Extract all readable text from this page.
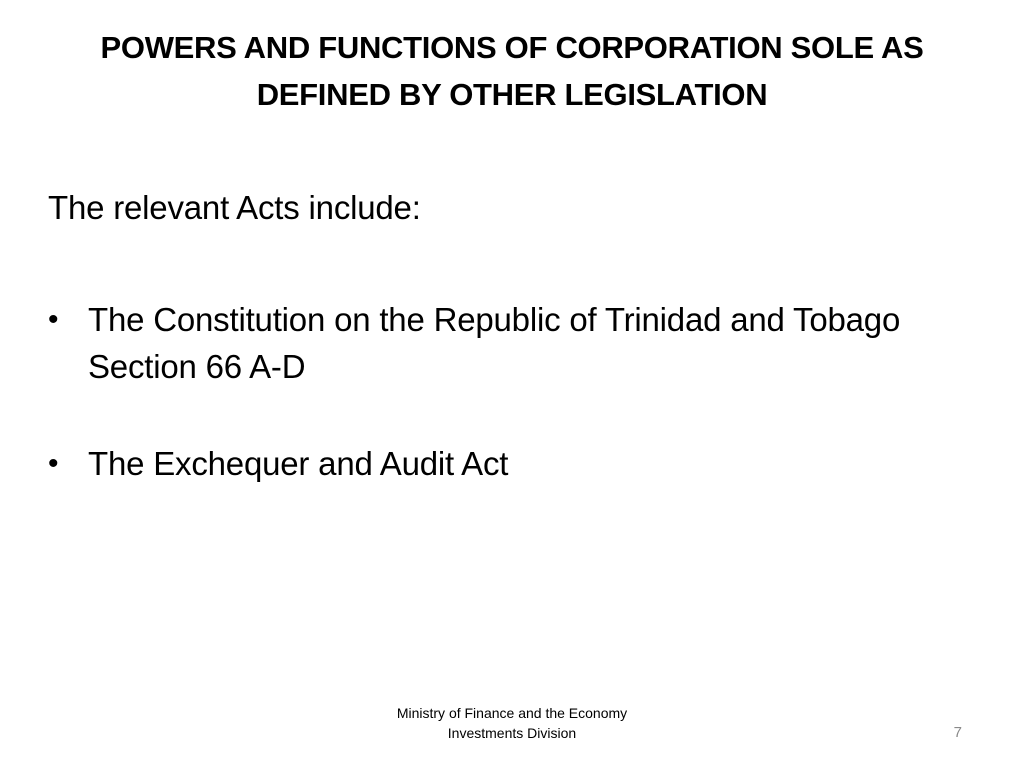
POWERS AND FUNCTIONS OF CORPORATION SOLE AS
DEFINED BY OTHER LEGISLATION
The relevant Acts include:
• The Constitution on the Republic of Trinidad and Tobago
Section 66 A-D
• The Exchequer and Audit Act
Ministry of Finance and the Economy
Investments Division	7
